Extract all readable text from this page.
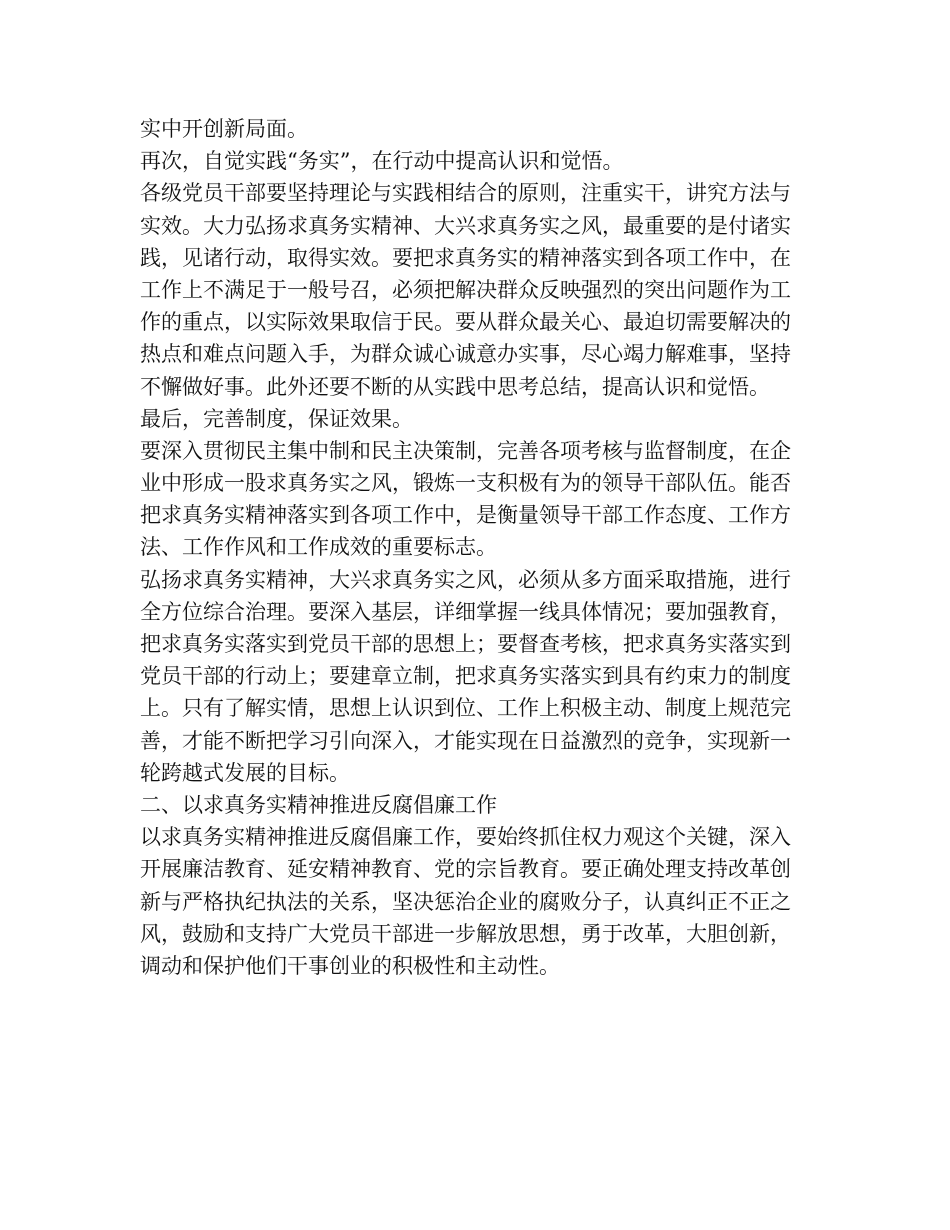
实中开创新局面。
再次，自觉实践“务实”，在行动中提高认识和觉悟。
各级党员干部要坚持理论与实践相结合的原则，注重实干，讲究方法与
实效。大力弘扬求真务实精神、大兴求真务实之风，最重要的是付诸实
践，见诸行动，取得实效。要把求真务实的精神落实到各项工作中，在
工作上不满足于一般号召，必须把解决群众反映强烈的突出问题作为工
作的重点，以实际效果取信于民。要从群众最关心、最迫切需要解决的
热点和难点问题入手，为群众诚心诚意办实事，尽心竭力解难事，坚持
不懈做好事。此外还要不断的从实践中思考总结，提高认识和觉悟。
最后，完善制度，保证效果。
要深入贯彻民主集中制和民主决策制，完善各项考核与监督制度，在企
业中形成一股求真务实之风，锻炼一支积极有为的领导干部队伍。能否
把求真务实精神落实到各项工作中，是衡量领导干部工作态度、工作方
法、工作作风和工作成效的重要标志。
弘扬求真务实精神，大兴求真务实之风，必须从多方面采取措施，进行
全方位综合治理。要深入基层，详细掌握一线具体情况；要加强教育，
把求真务实落实到党员干部的思想上；要督查考核，把求真务实落实到
党员干部的行动上；要建章立制，把求真务实落实到具有约束力的制度
上。只有了解实情，思想上认识到位、工作上积极主动、制度上规范完
善，才能不断把学习引向深入，才能实现在日益激烈的竞争，实现新一
轮跨越式发展的目标。
二、以求真务实精神推进反腐倡廉工作
以求真务实精神推进反腐倡廉工作，要始终抓住权力观这个关键，深入
开展廉洁教育、延安精神教育、党的宗旨教育。要正确处理支持改革创
新与严格执纪执法的关系，坚决惩治企业的腐败分子，认真纠正不正之
风，鼓励和支持广大党员干部进一步解放思想，勇于改革，大胆创新，
调动和保护他们干事创业的积极性和主动性。
